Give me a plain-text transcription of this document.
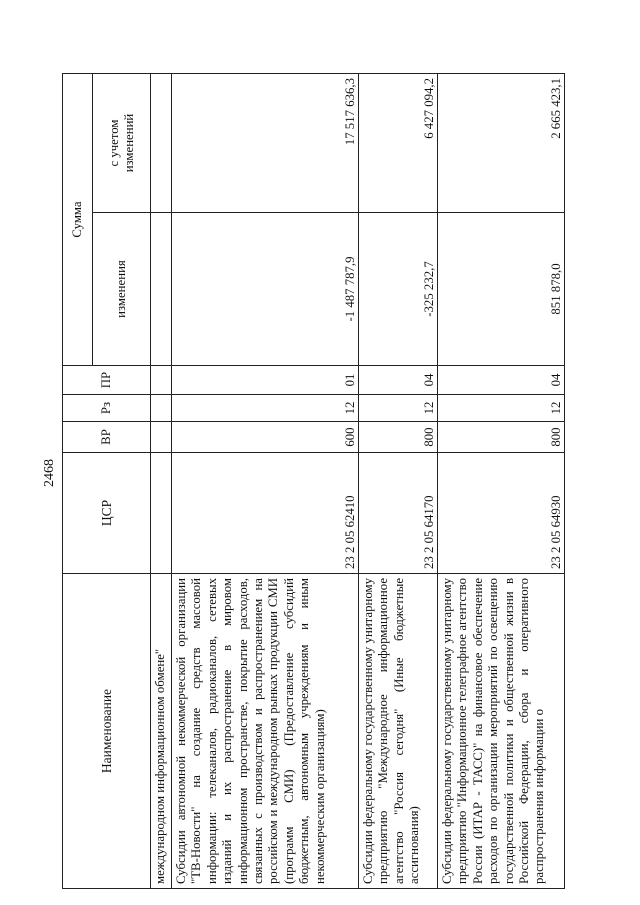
2468
Наименование	ЦСР	ВР	Рз	ПР	Сумма	
					изменения	с учетом
изменений
международном информационном обмене"						
Субсидии автономной некоммерческой организации "ТВ-Новости" на создание средств массовой информации: телеканалов, радиоканалов, сетевых изданий и их распространение в мировом информационном пространстве, покрытие расходов, связанных с производством и распространением на российском и международном рынках продукции СМИ (программ СМИ) (Предоставление субсидий бюджетным, автономным учреждениям и иным некоммерческим организациям)	23 2 05 62410	600	12	01	-1 487 787,9	17 517 636,3
Субсидии федеральному государственному унитарному предприятию "Международное информационное агентство "Россия сегодня" (Иные бюджетные ассигнования)	23 2 05 64170	800	12	04	-325 232,7	6 427 094,2
Субсидии федеральному государственному унитарному предприятию "Информационное телеграфное агентство России (ИТАР - ТАСС)" на финансовое обеспечение расходов по организации мероприятий по освещению государственной политики и общественной жизни в Российской Федерации, сбора и оперативного распространения информации о	23 2 05 64930	800	12	04	851 878,0	2 665 423,1
